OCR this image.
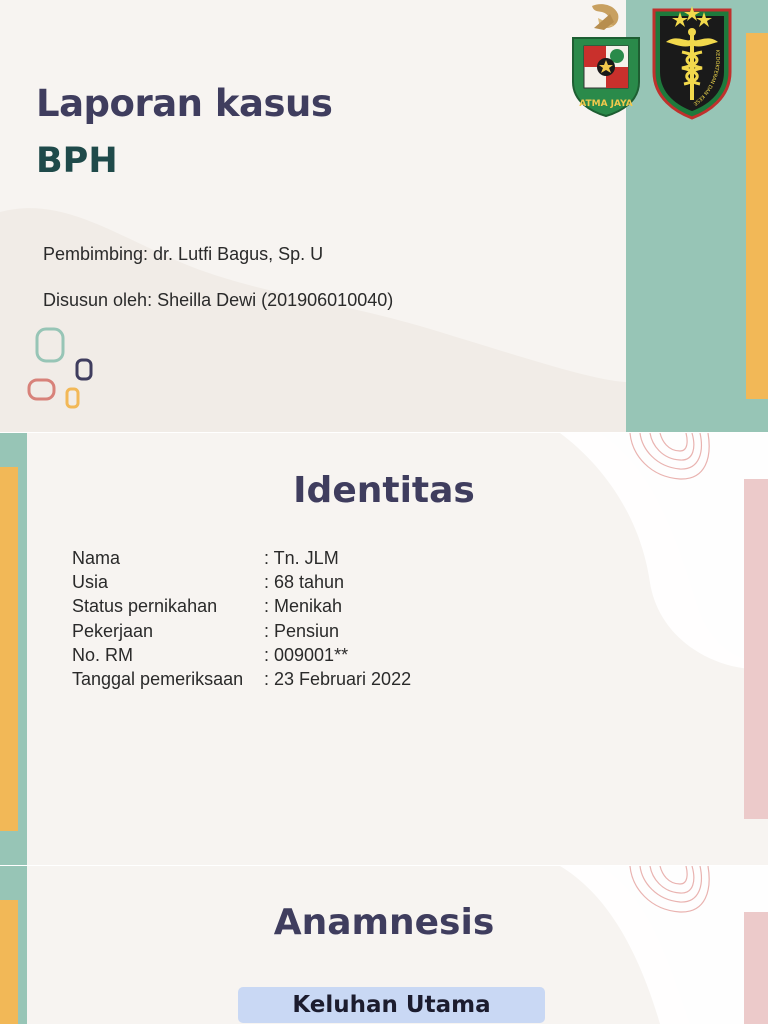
Laporan kasus
BPH

Pembimbing: dr. Lutfi Bagus, Sp. U

Disusun oleh: Sheilla Dewi (201906010040)

ATMA JAYA
KEDOKTERAN DAN KESE
Identitas
Nama	: Tn. JLM
Usia	: 68 tahun
Status pernikahan	: Menikah
Pekerjaan	: Pensiun
No. RM	: 009001**
Tanggal pemeriksaan	: 23 Februari 2022
Anamnesis
Keluhan Utama
